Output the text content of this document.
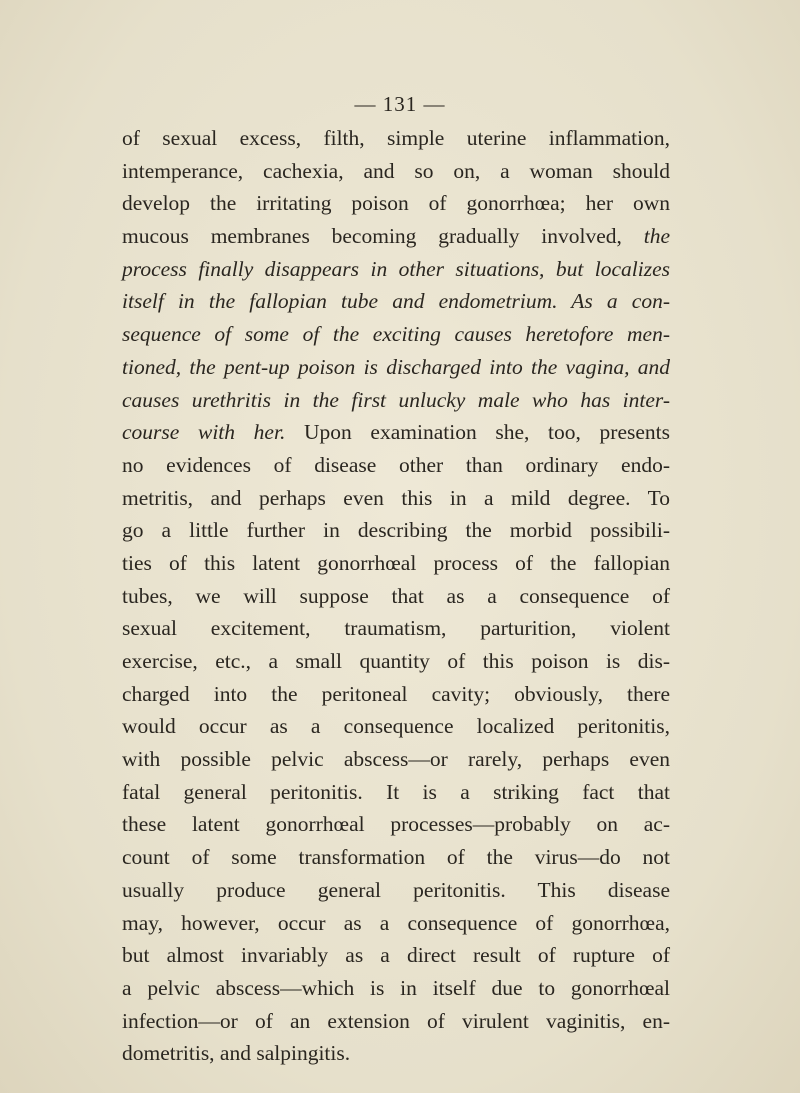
— 131 —
of sexual excess, filth, simple uterine inflammation,
intemperance, cachexia, and so on, a woman should
develop the irritating poison of gonorrhœa; her own
mucous membranes becoming gradually involved, the
process finally disappears in other situations, but localizes
itself in the fallopian tube and endometrium. As a con-
sequence of some of the exciting causes heretofore men-
tioned, the pent-up poison is discharged into the vagina, and
causes urethritis in the first unlucky male who has inter-
course with her. Upon examination she, too, presents
no evidences of disease other than ordinary endo-
metritis, and perhaps even this in a mild degree. To
go a little further in describing the morbid possibili-
ties of this latent gonorrhœal process of the fallopian
tubes, we will suppose that as a consequence of
sexual excitement, traumatism, parturition, violent
exercise, etc., a small quantity of this poison is dis-
charged into the peritoneal cavity; obviously, there
would occur as a consequence localized peritonitis,
with possible pelvic abscess—or rarely, perhaps even
fatal general peritonitis. It is a striking fact that
these latent gonorrhœal processes—probably on ac-
count of some transformation of the virus—do not
usually produce general peritonitis. This disease
may, however, occur as a consequence of gonorrhœa,
but almost invariably as a direct result of rupture of
a pelvic abscess—which is in itself due to gonorrhœal
infection—or of an extension of virulent vaginitis, en-
dometritis, and salpingitis.
